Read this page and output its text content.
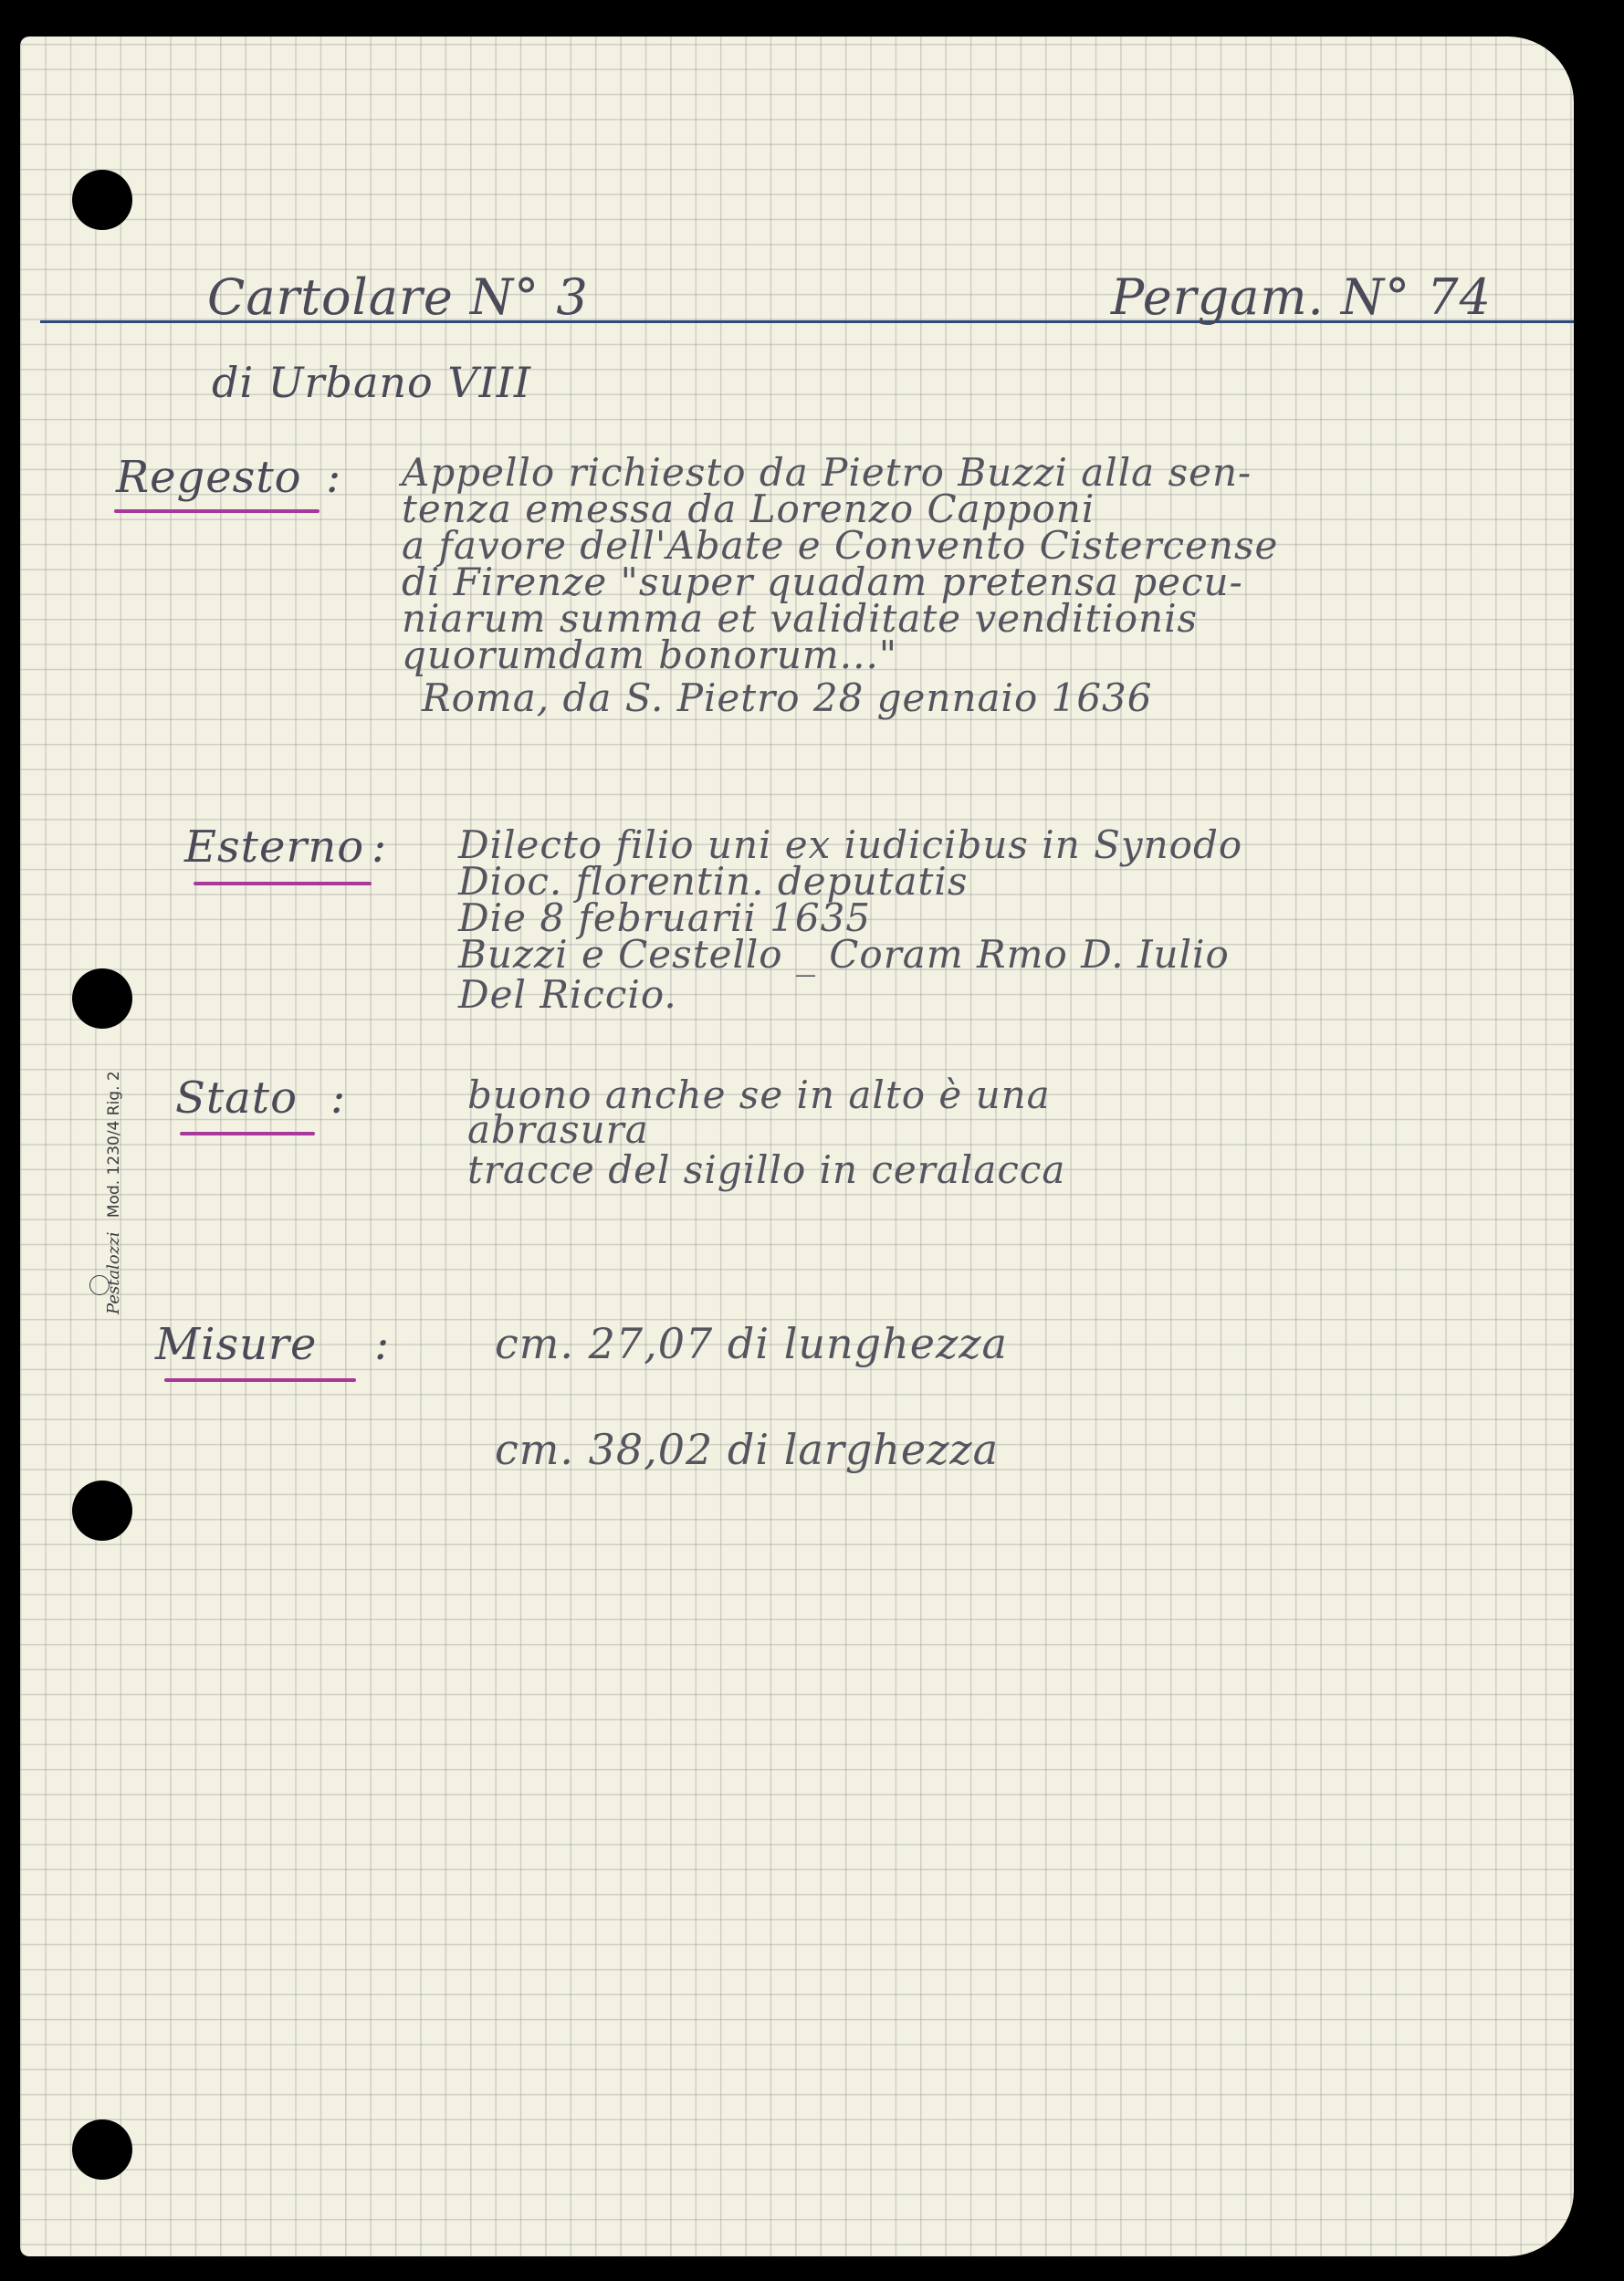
Cartolare N° 3	Pergam. N° 74
di Urbano VIII
Regesto : Appello richiesto da Pietro Buzzi alla sen-
tenza emessa da Lorenzo Capponi
a favore dell'Abate e Convento Cistercense
di Firenze "super quadam pretensa pecu-
niarum summa et validitate venditionis
quorumdam bonorum..."
Roma, da S. Pietro 28 gennaio 1636
Esterno : Dilecto filio uni ex iudicibus in Synodo
Dioc. florentin. deputatis
Die 8 februarii 1635
Buzzi e Cestello _ Coram Rmo D. Iulio
Del Riccio.
Stato :	buono anche se in alto è una
abrasura
tracce del sigillo in ceralacca
Misure : cm. 27,07 di lunghezza
cm. 38,02 di larghezza
Pestalozzi Mod. 1230/4 Rig. 2
